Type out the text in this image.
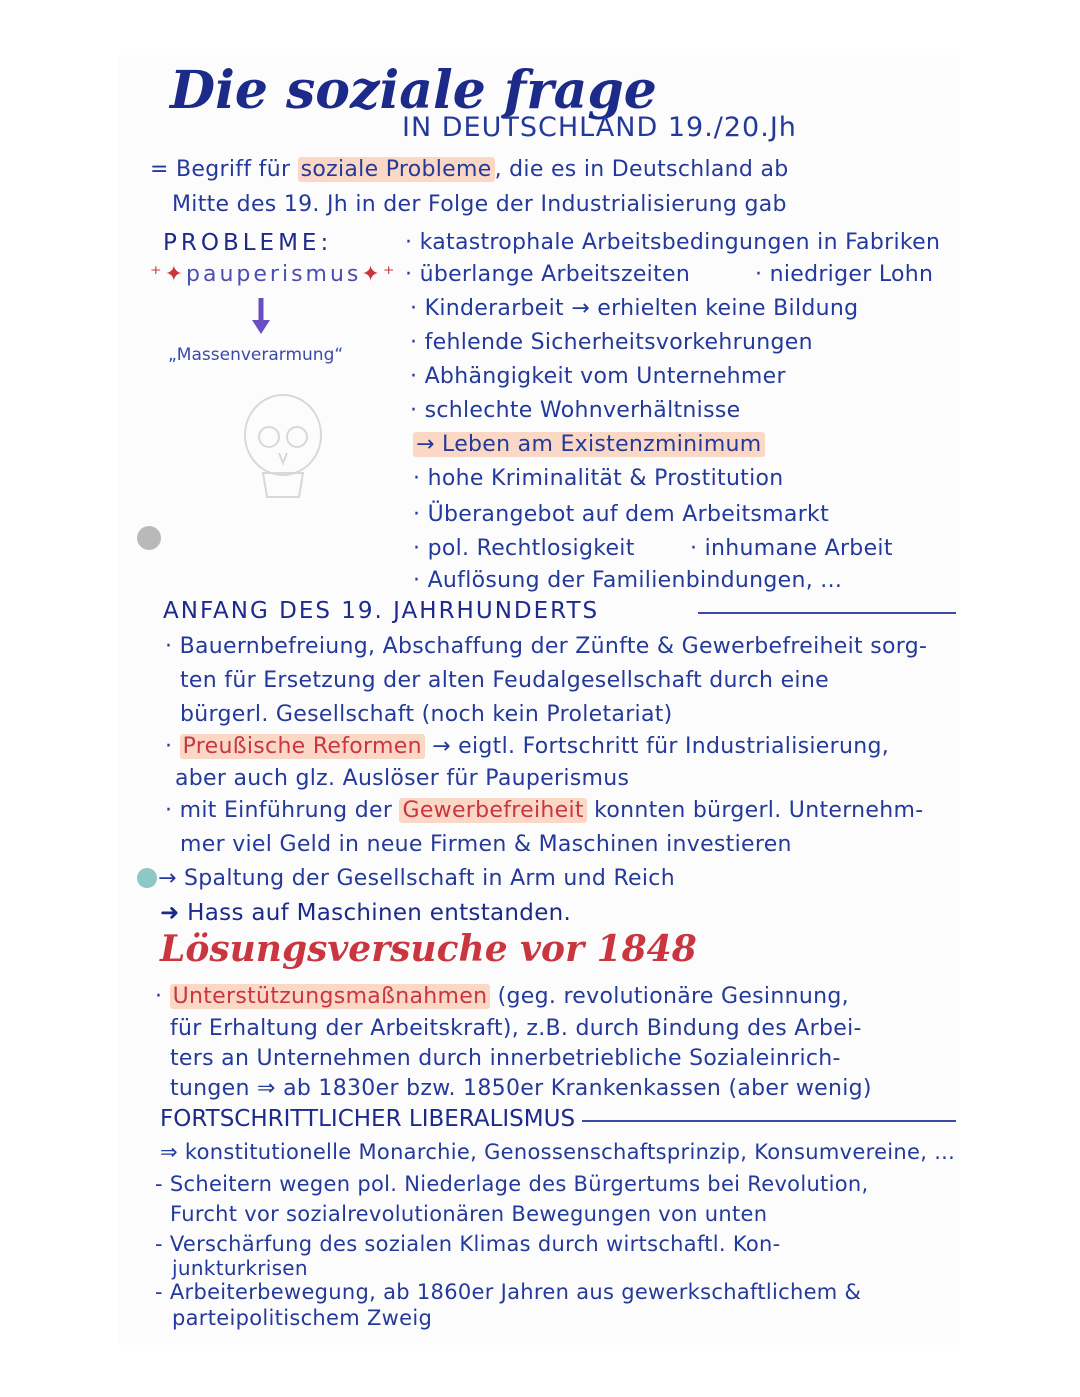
Die soziale frage
IN DEUTSCHLAND 19./20.Jh
= Begriff für soziale Probleme , die es in Deutschland ab
Mitte des 19. Jh in der Folge der Industrialisierung gab
PROBLEME:
⁺✦pauperismus✦⁺
„Massenverarmung“
· katastrophale Arbeitsbedingungen in Fabriken
· überlange Arbeitszeiten	· niedriger Lohn
· Kinderarbeit → erhielten keine Bildung
· fehlende Sicherheitsvorkehrungen
· Abhängigkeit vom Unternehmer
· schlechte Wohnverhältnisse
→ Leben am Existenzminimum
· hohe Kriminalität & Prostitution
· Überangebot auf dem Arbeitsmarkt
· pol. Rechtlosigkeit	· inhumane Arbeit
· Auflösung der Familienbindungen, ...
ANFANG DES 19. JAHRHUNDERTS
· Bauernbefreiung, Abschaffung der Zünfte & Gewerbefreiheit sorg-
ten für Ersetzung der alten Feudalgesellschaft durch eine
bürgerl. Gesellschaft (noch kein Proletariat)
· Preußische Reformen → eigtl. Fortschritt für Industrialisierung,
aber auch glz. Auslöser für Pauperismus
· mit Einführung der Gewerbefreiheit konnten bürgerl. Unternehm-
mer viel Geld in neue Firmen & Maschinen investieren
→ Spaltung der Gesellschaft in Arm und Reich
➜ Hass auf Maschinen entstanden.
Lösungsversuche vor 1848
· Unterstützungsmaßnahmen (geg. revolutionäre Gesinnung,
für Erhaltung der Arbeitskraft), z.B. durch Bindung des Arbei-
ters an Unternehmen durch innerbetriebliche Sozialeinrich-
tungen ⇒ ab 1830er bzw. 1850er Krankenkassen (aber wenig)
FORTSCHRITTLICHER LIBERALISMUS
⇒ konstitutionelle Monarchie, Genossenschaftsprinzip, Konsumvereine, ...
- Scheitern wegen pol. Niederlage des Bürgertums bei Revolution,
Furcht vor sozialrevolutionären Bewegungen von unten
- Verschärfung des sozialen Klimas durch wirtschaftl. Kon-
junkturkrisen
- Arbeiterbewegung, ab 1860er Jahren aus gewerkschaftlichem &
parteipolitischem Zweig
